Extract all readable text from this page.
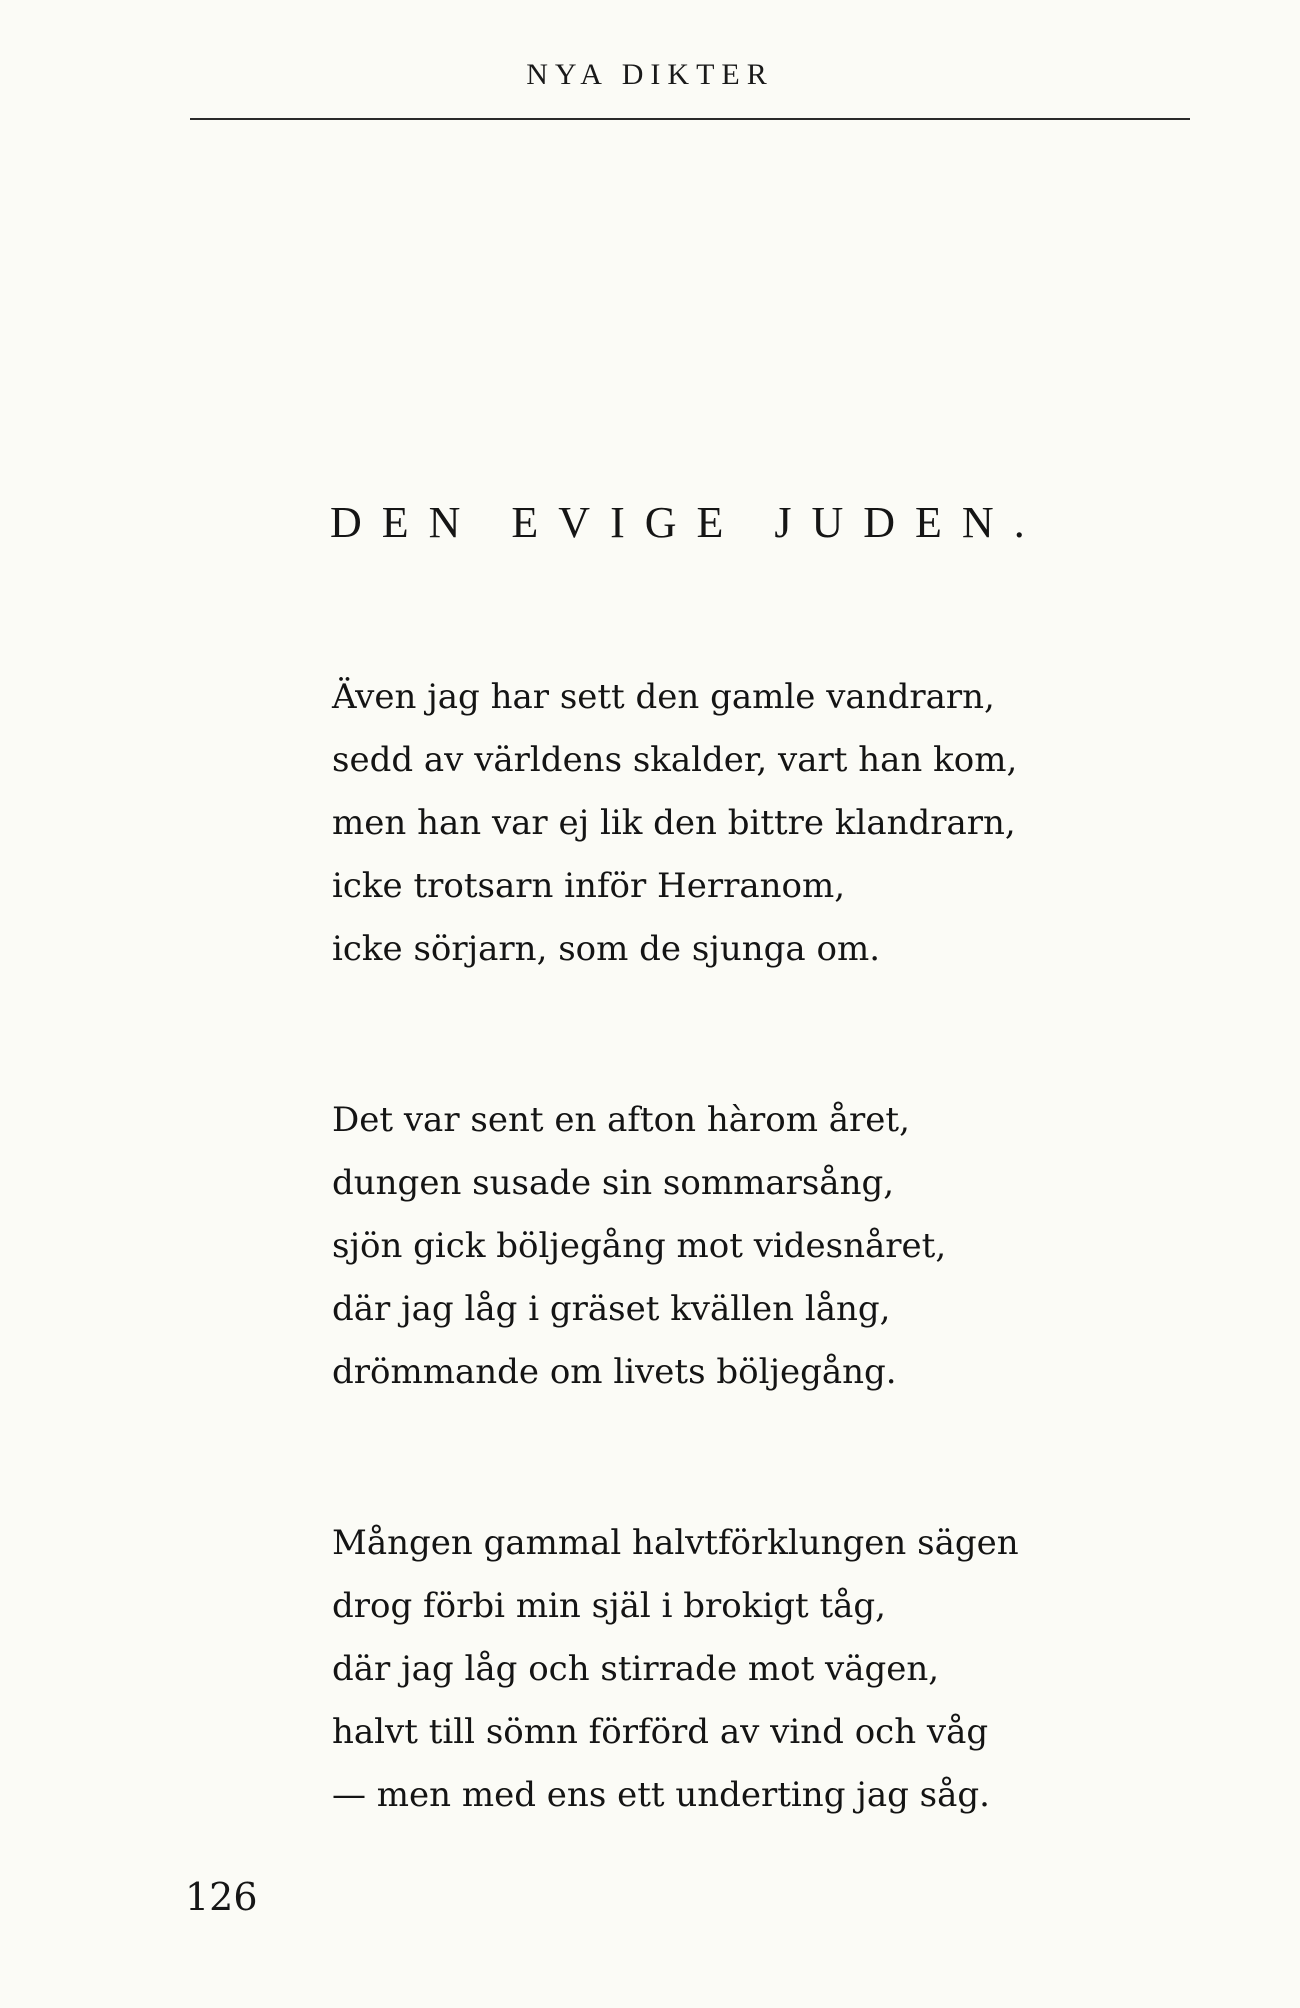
NYA DIKTER
DEN EVIGE JUDEN.
Även jag har sett den gamle vandrarn,
sedd av världens skalder, vart han kom,
men han var ej lik den bittre klandrarn,
icke trotsarn inför Herranom,
icke sörjarn, som de sjunga om.
Det var sent en afton hàrom året,
dungen susade sin sommarsång,
sjön gick böljegång mot videsnåret,
där jag låg i gräset kvällen lång,
drömmande om livets böljegång.
Mången gammal halvtförklungen sägen
drog förbi min själ i brokigt tåg,
där jag låg och stirrade mot vägen,
halvt till sömn förförd av vind och våg
— men med ens ett underting jag såg.
126
